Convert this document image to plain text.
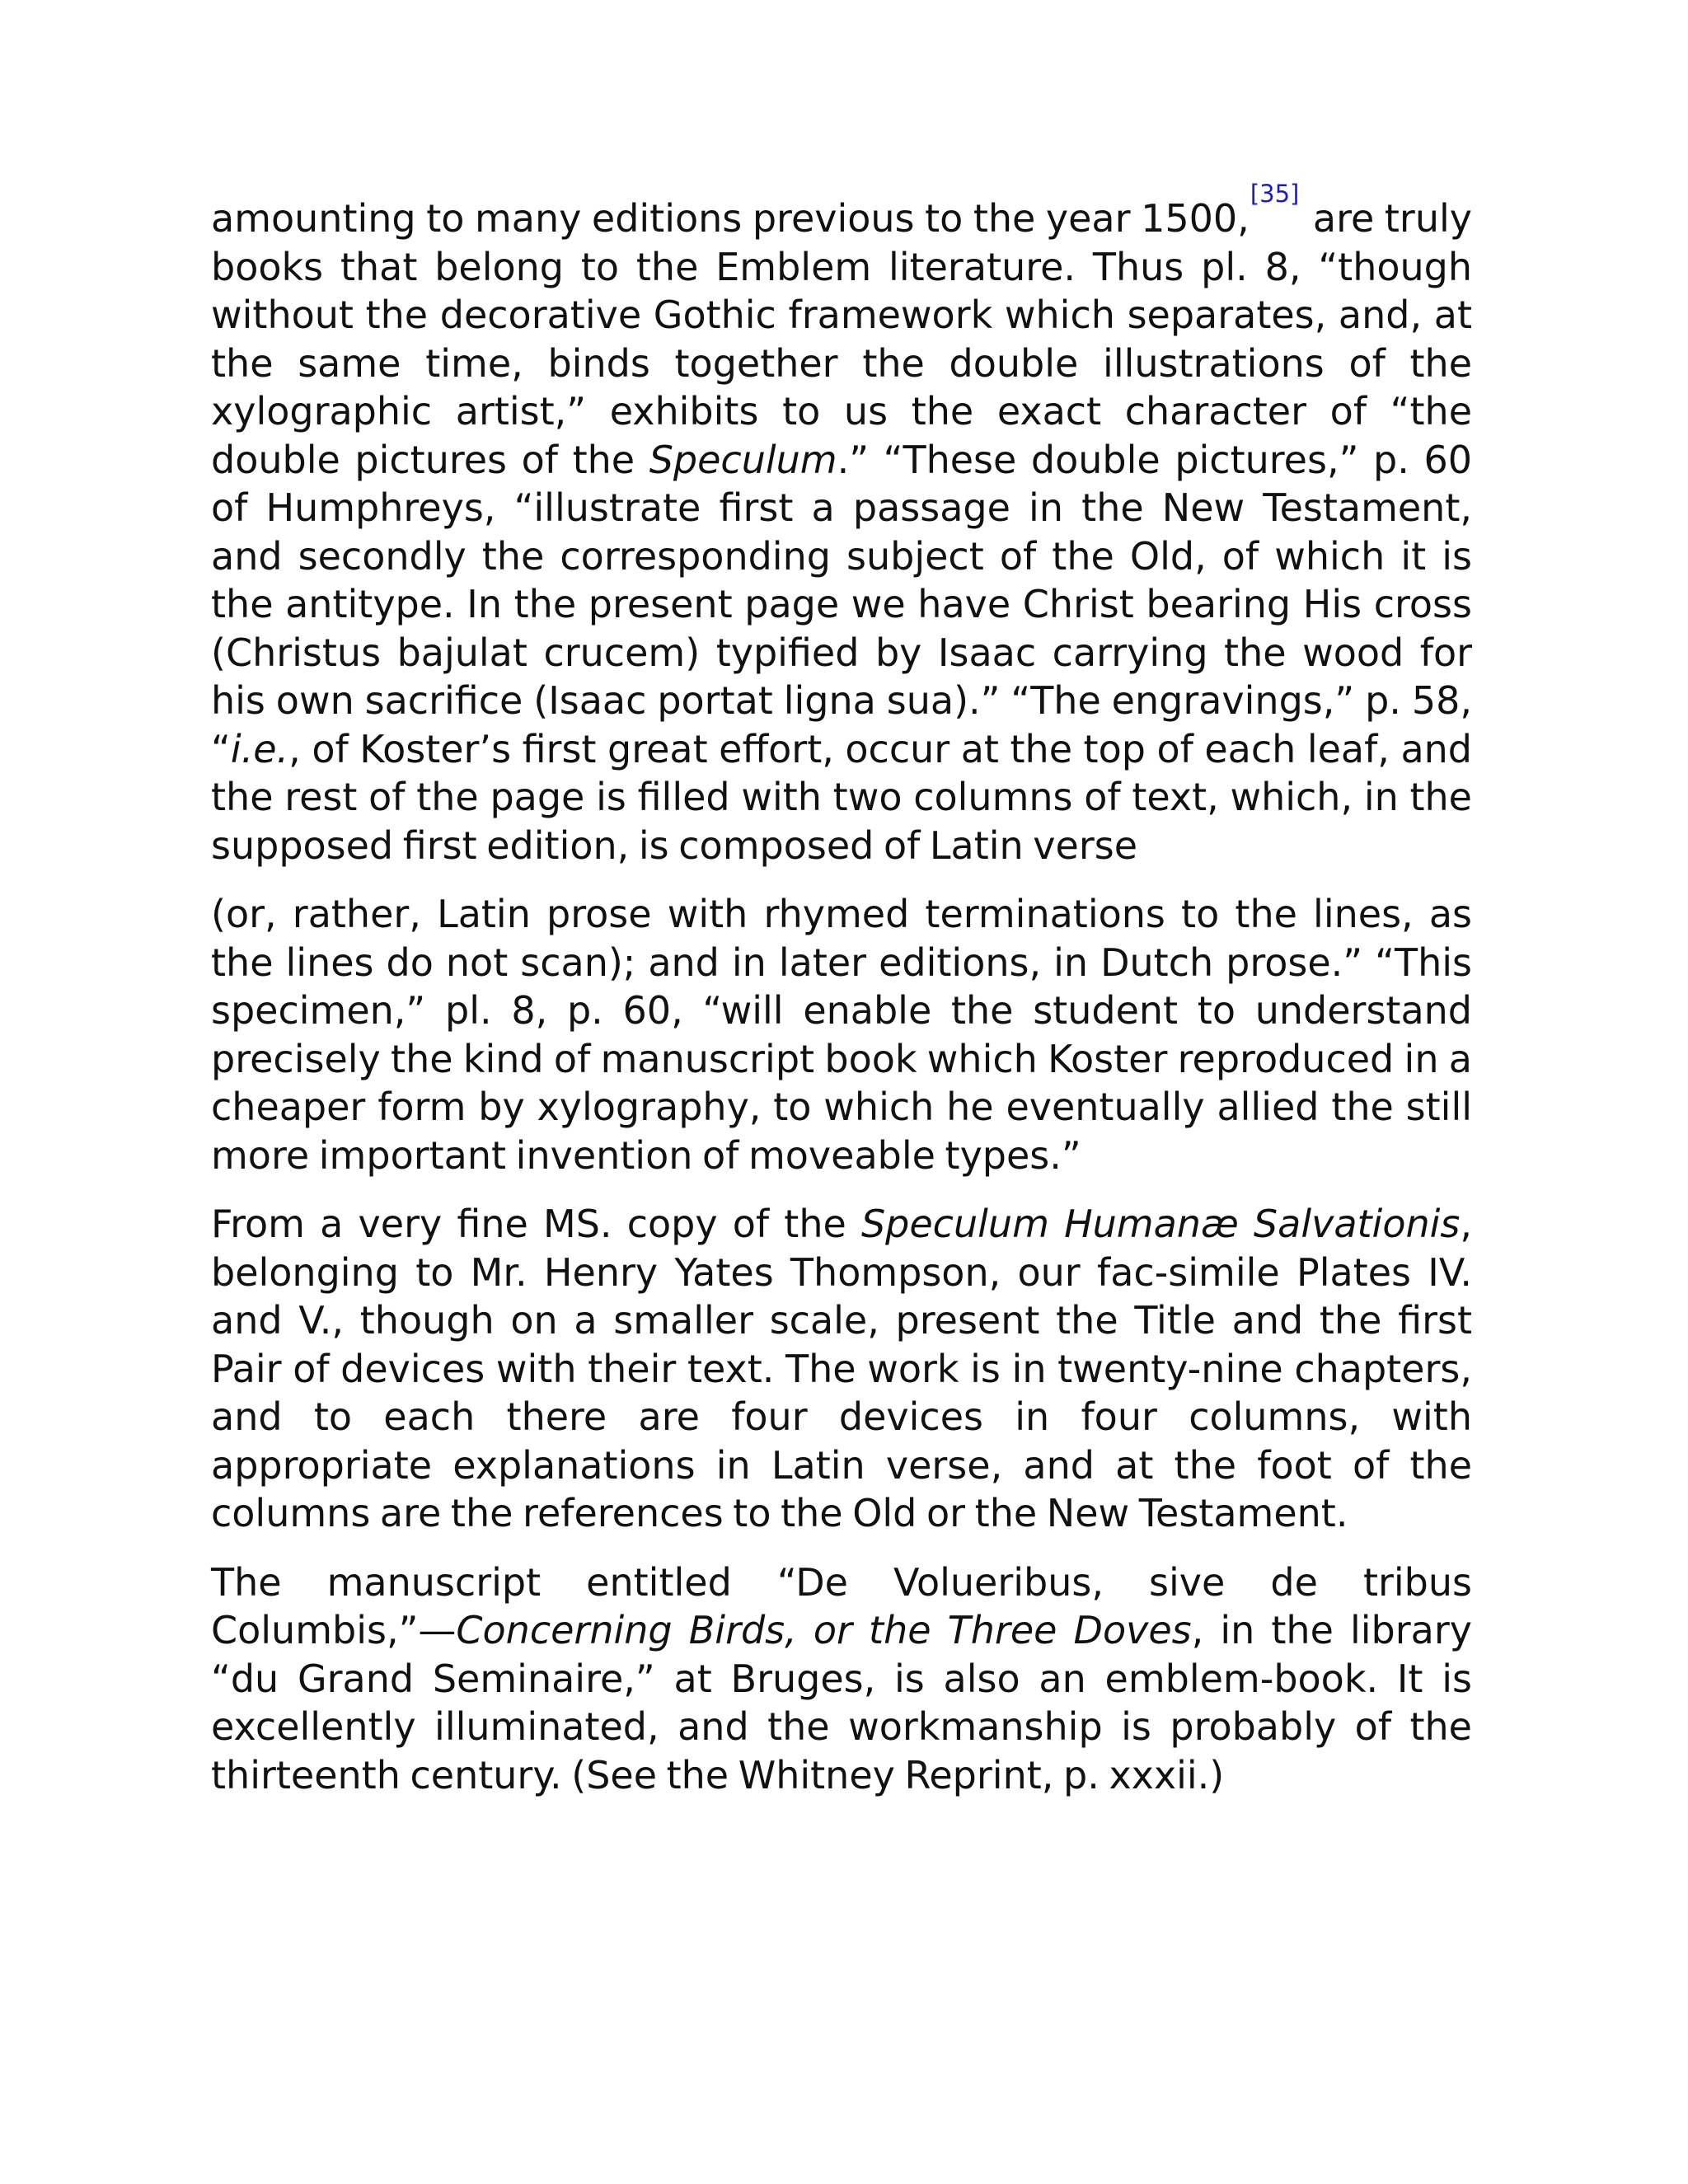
amounting to many editions previous to the year 1500,[35] are truly books that belong to the Emblem literature. Thus pl. 8, “though without the decorative Gothic framework which separates, and, at the same time, binds together the double illustrations of the xylographic artist,” exhibits to us the exact character of “the double pictures of the Speculum.” “These double pictures,” p. 60 of Humphreys, “illustrate first a passage in the New Testament, and secondly the corresponding subject of the Old, of which it is the antitype. In the present page we have Christ bearing His cross (Christus bajulat crucem) typified by Isaac carrying the wood for his own sacrifice (Isaac portat ligna sua).” “The engravings,” p. 58, “i.e., of Koster’s first great effort, occur at the top of each leaf, and the rest of the page is filled with two columns of text, which, in the supposed first edition, is composed of Latin verse

(or, rather, Latin prose with rhymed terminations to the lines, as the lines do not scan); and in later editions, in Dutch prose.” “This specimen,” pl. 8, p. 60, “will enable the student to understand precisely the kind of manuscript book which Koster reproduced in a cheaper form by xylography, to which he eventually allied the still more important invention of moveable types.”

From a very fine MS. copy of the Speculum Humanæ Salvationis, belonging to Mr. Henry Yates Thompson, our fac-simile Plates IV. and V., though on a smaller scale, present the Title and the first Pair of devices with their text. The work is in twenty-nine chapters, and to each there are four devices in four columns, with appropriate explanations in Latin verse, and at the foot of the columns are the references to the Old or the New Testament.

The manuscript entitled “De Volueribus, sive de tribus Columbis,”—Concerning Birds, or the Three Doves, in the library “du Grand Seminaire,” at Bruges, is also an emblem-book. It is excellently illuminated, and the workmanship is probably of the thirteenth century. (See the Whitney Reprint, p. xxxii.)
